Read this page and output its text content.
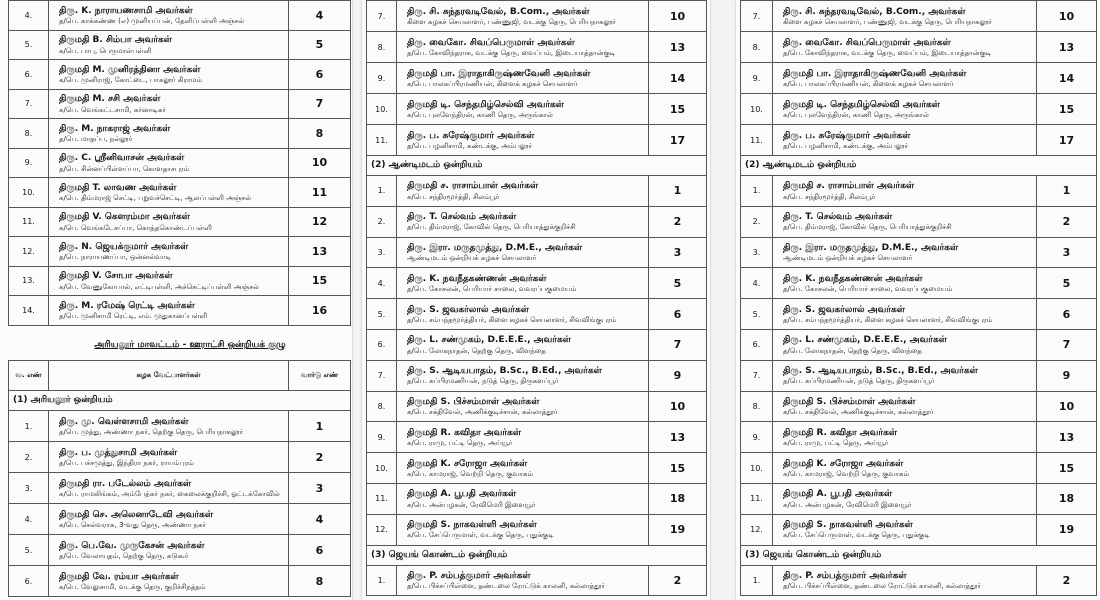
4.	திரு. K. நாராயணசாமி அவர்கள்
த/பெ. காக்கண்ண (எ) முனியப்பன், தேளிப்பள்ளி அஞ்சல்	4
5.	திருமதி B. சிம்பா அவர்கள்
க/பெ. பாபு, பெருமாள்பள்ளி	5
6.	திருமதி M. முனிரத்தினா அவர்கள்
க/பெ. முனிராஜ், கோட்டை, பாகலூர் கிராமம்	6
7.	திருமதி M. சசி அவர்கள்
க/பெ. வெங்கட்டசாமி, கர்னாடிகர்	7
8.	திரு. M. நாகராஜ் அவர்கள்
த/பெ. மாதப்ப, நல்லூர்	8
9.	திரு. C. ஸ்ரீனிவாசன் அவர்கள்
த/பெ. சின்னப்பிள்ளப்பா, கொளதாசபுரம்	10
10.	திருமதி T. லாவண அவர்கள்
க/பெ. திம்மராஜ் செட்டி, பறுவச்செட்டி, ஆலப்பள்ளி அஞ்சல்	11
11.	திருமதி V. கௌரம்மா அவர்கள்
க/பெ. வெங்கடேசப்பா, கொத்தகொண்டப்பள்ளி	12
12.	திரு. N. ஜெயக்குமார் அவர்கள்
த/பெ. நாராயணப்பா, ஒன்னல்வாடி	13
13.	திருமதி V. சோபா அவர்கள்
க/பெ. வேணுகோபால், எட்டிபள்ளி, அச்செட்டிப்பள்ளி அஞ்சல்	15
14.	திரு. M. ரமேஷ் ரெட்டி அவர்கள்
த/பெ. முனிசாமி ரெட்டி, எம். முதுகானப்பள்ளி	16
அரியலூர் மாவட்டம் - ஊராட்சி ஒன்றியக் குழு
வ. எண்	கழக வேட்பாளர்கள்	வார்டு எண்
(1) அரியலூர் ஒன்றியம்		
1.	திரு. மு. வெள்ளசாமி அவர்கள்
த/பெ. முத்து, அண்ணா நகர், தெற்கு தெரு, பெரியநாகலூர்	1
2.	திரு. ப. முத்துசாமி அவர்கள்
த/பெ. பச்சமுத்து, இந்திரா நகர், ராயம்புரம்	2
3.	திருமதி ரா. படேல்லம் அவர்கள்
க/பெ. ராமலிங்கம், அம்பேத்கர் நகர், கைலைக்குறிச்சி, ஓட்டக்கோவில்	3
4.	திருமதி செ. அலெனாடேவி அவர்கள்
க/பெ. செல்வராசு, 3-வது தெரு, அண்ணா நகர்	4
5.	திரு. பெ.வே. முருகேசன் அவர்கள்
த/பெ. வேலாயுதம், தெற்கு தெரு, கடுகூர்	6
6.	திருமதி வே. ரம்யா அவர்கள்
க/பெ. வேலுசாமி, வடக்கு தெரு, குறிச்சிநத்தம்	8
7.	திரு. சி. சுந்தரவடிவேல், B.Com., அவர்கள்
கிளை கழகச் செயலாளர், பண்ணுஜி, வடக்கு தெரு, பெரியநாகலூர்	10
8.	திரு. வைகோ. சிவப்பெருமாள் அவர்கள்
த/பெ. கோவிந்தராசு, வடக்கு தெரு, வைப்பம், இடையாத்தான்குடி	13
9.	திருமதி பா. இராதாகிருஷ்ணவேனி அவர்கள்
க/பெ. பாலசுப்பிரமணியன், கிளைக் கழகச் செயலாளர்	14
10.	திருமதி டி. செந்தமிழ்செல்வி அவர்கள்
க/பெ. புலவேந்திரன், காணி தெரு, அருங்கால்	15
11.	திரு. ப. சுரேஷ்குமார் அவர்கள்
த/பெ. பழனிசாமி, கண்டக்கு, அம்பலூர்	17
(2) ஆண்டிமடம் ஒன்றியம்		
1.	திருமதி ச. ராசாம்பாள் அவர்கள்
க/பெ. சந்திரமூர்த்தி, சிலம்பூர்	1
2.	திரு. T. செல்வம் அவர்கள்
த/பெ. திம்மராஜ், கோவில் தெரு, பெரியாத்துக்குறிச்சி	2
3.	திரு. இரா. மருதமுத்து, D.M.E., அவர்கள்
ஆண்டிமடம் ஒன்றியக் கழகச் செயலாளர்	3
4.	திரு. K. நவநீதகண்ணன் அவர்கள்
த/பெ. கோசலன், பெரியார் சாலை, வவரப்பகுமையம்	5
5.	திரு. S. ஜவகர்லால் அவர்கள்
த/பெ. சம்பந்தமூர்த்தியர், கிளை கழகச் செயலாளர், சிவவிங்குபுரம்	6
6.	திரு. L. சண்முகம், D.E.E.E., அவர்கள்
த/பெ. லோகநாதன், தெற்கு தெரு, விளந்தை	7
7.	திரு. S. ஆடியபாதம், B.Sc., B.Ed., அவர்கள்
த/பெ. சுப்பிரமணியன், நடுத் தெரு, திருகளப்பூர்	9
8.	திருமதி S. பிச்சம்மாள் அவர்கள்
க/பெ. சக்திவேல், அணிக்குடிச்சான், கல்லாத்தூர்	10
9.	திருமதி R. கவிதா அவர்கள்
க/பெ. ராமு, பட்டி தெரு, அய்யூர்	13
10.	திருமதி K. சரோஜா அவர்கள்
க/பெ. காமராஜ், வெற்றி தெரு, குவாகம்	15
11.	திருமதி A. பூபதி அவர்கள்
க/பெ. அன்பழகன், ரேவிமெரி இளையூர்	18
12.	திருமதி S. நாகவள்ளி அவர்கள்
க/பெ. சேப்பெருமாள், வடக்கு தெரு, புதுக்குடி	19
(3) ஜெயங் கொண்டம் ஒன்றியம்		
1.	திரு. P. சம்பத்குமார் அவர்கள்
த/பெ. பிச்சப்பிள்ளை, தண்டலை ரோட்டுக் காலனி, கல்லாத்தூர்	2
7.	திரு. சி. சுந்தரவடிவேல், B.Com., அவர்கள்
கிளை கழகச் செயலாளர், பண்ணுஜி, வடக்கு தெரு, பெரியநாகலூர்	10
8.	திரு. வைகோ. சிவப்பெருமாள் அவர்கள்
த/பெ. கோவிந்தராசு, வடக்கு தெரு, வைப்பம், இடையாத்தான்குடி	13
9.	திருமதி பா. இராதாகிருஷ்ணவேனி அவர்கள்
க/பெ. பாலசுப்பிரமணியன், கிளைக் கழகச் செயலாளர்	14
10.	திருமதி டி. செந்தமிழ்செல்வி அவர்கள்
க/பெ. புலவேந்திரன், காணி தெரு, அருங்கால்	15
11.	திரு. ப. சுரேஷ்குமார் அவர்கள்
த/பெ. பழனிசாமி, கண்டக்கு, அம்பலூர்	17
(2) ஆண்டிமடம் ஒன்றியம்		
1.	திருமதி ச. ராசாம்பாள் அவர்கள்
க/பெ. சந்திரமூர்த்தி, சிலம்பூர்	1
2.	திரு. T. செல்வம் அவர்கள்
த/பெ. திம்மராஜ், கோவில் தெரு, பெரியாத்துக்குறிச்சி	2
3.	திரு. இரா. மருதமுத்து, D.M.E., அவர்கள்
ஆண்டிமடம் ஒன்றியக் கழகச் செயலாளர்	3
4.	திரு. K. நவநீதகண்ணன் அவர்கள்
த/பெ. கோசலன், பெரியார் சாலை, வவரப்பகுமையம்	5
5.	திரு. S. ஜவகர்லால் அவர்கள்
த/பெ. சம்பந்தமூர்த்தியர், கிளை கழகச் செயலாளர், சிவவிங்குபுரம்	6
6.	திரு. L. சண்முகம், D.E.E.E., அவர்கள்
த/பெ. லோகநாதன், தெற்கு தெரு, விளந்தை	7
7.	திரு. S. ஆடியபாதம், B.Sc., B.Ed., அவர்கள்
த/பெ. சுப்பிரமணியன், நடுத் தெரு, திருகளப்பூர்	9
8.	திருமதி S. பிச்சம்மாள் அவர்கள்
க/பெ. சக்திவேல், அணிக்குடிச்சான், கல்லாத்தூர்	10
9.	திருமதி R. கவிதா அவர்கள்
க/பெ. ராமு, பட்டி தெரு, அய்யூர்	13
10.	திருமதி K. சரோஜா அவர்கள்
க/பெ. காமராஜ், வெற்றி தெரு, குவாகம்	15
11.	திருமதி A. பூபதி அவர்கள்
க/பெ. அன்பழகன், ரேவிமெரி இளையூர்	18
12.	திருமதி S. நாகவள்ளி அவர்கள்
க/பெ. சேப்பெருமாள், வடக்கு தெரு, புதுக்குடி	19
(3) ஜெயங் கொண்டம் ஒன்றியம்		
1.	திரு. P. சம்பத்குமார் அவர்கள்
த/பெ. பிச்சப்பிள்ளை, தண்டலை ரோட்டுக் காலனி, கல்லாத்தூர்	2
